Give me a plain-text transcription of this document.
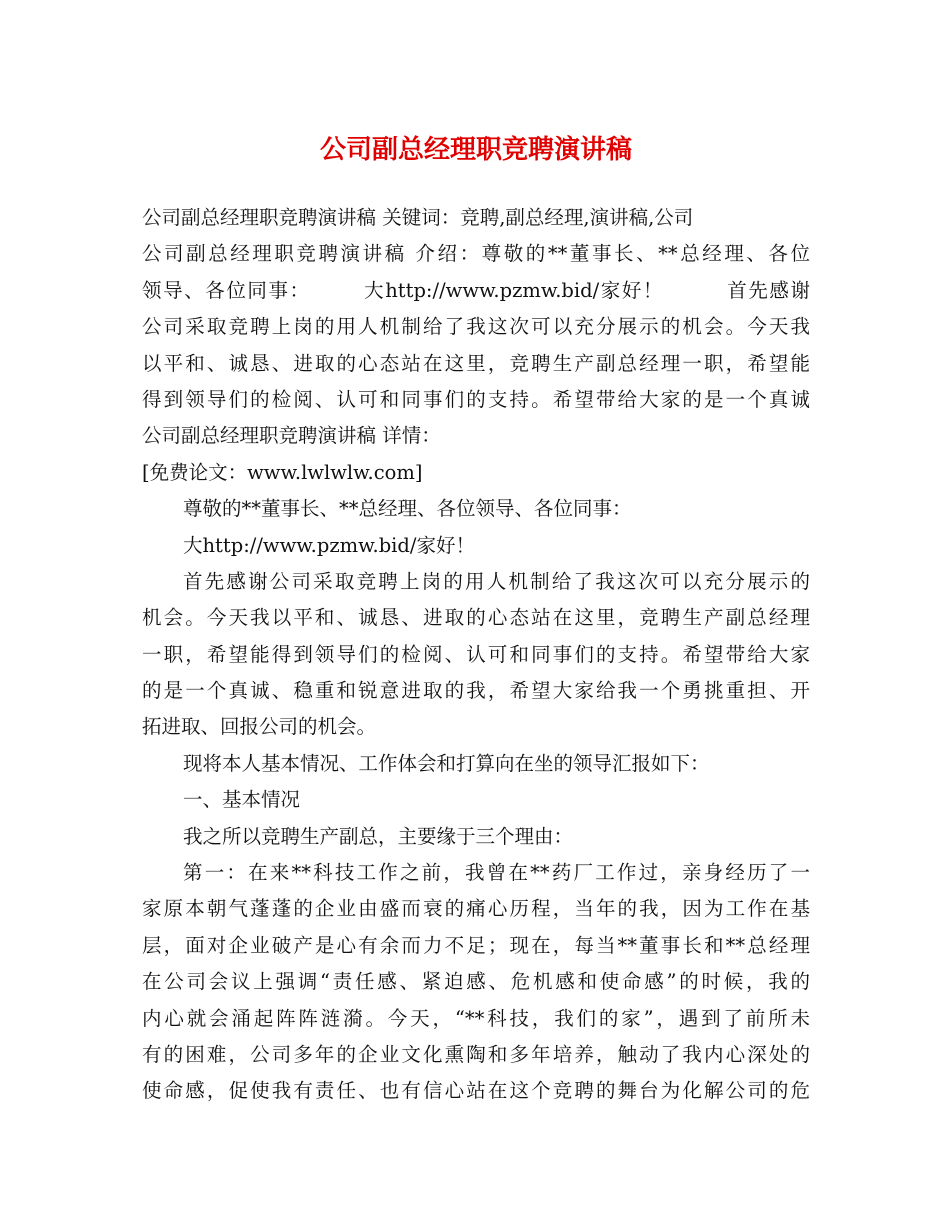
公司副总经理职竞聘演讲稿
公司副总经理职竞聘演讲稿 关键词：竞聘,副总经理,演讲稿,公司
公司副总经理职竞聘演讲稿 介绍：尊敬的**董事长、**总经理、各位
领导、各位同事：　　　大http://www.pzmw.bid/家好！　　　首先感谢
公司采取竞聘上岗的用人机制给了我这次可以充分展示的机会。今天我
以平和、诚恳、进取的心态站在这里，竞聘生产副总经理一职，希望能
得到领导们的检阅、认可和同事们的支持。希望带给大家的是一个真诚
公司副总经理职竞聘演讲稿 详情：
[免费论文：www.lwlwlw.com]
尊敬的**董事长、**总经理、各位领导、各位同事：
大http://www.pzmw.bid/家好！
首先感谢公司采取竞聘上岗的用人机制给了我这次可以充分展示的
机会。今天我以平和、诚恳、进取的心态站在这里，竞聘生产副总经理
一职，希望能得到领导们的检阅、认可和同事们的支持。希望带给大家
的是一个真诚、稳重和锐意进取的我，希望大家给我一个勇挑重担、开
拓进取、回报公司的机会。
现将本人基本情况、工作体会和打算向在坐的领导汇报如下：
一、基本情况
我之所以竞聘生产副总，主要缘于三个理由：
第一：在来**科技工作之前，我曾在**药厂工作过，亲身经历了一
家原本朝气蓬蓬的企业由盛而衰的痛心历程，当年的我，因为工作在基
层，面对企业破产是心有余而力不足；现在，每当**董事长和**总经理
在公司会议上强调“责任感、紧迫感、危机感和使命感”的时候，我的
内心就会涌起阵阵涟漪。今天，“**科技，我们的家”，遇到了前所未
有的困难，公司多年的企业文化熏陶和多年培养，触动了我内心深处的
使命感，促使我有责任、也有信心站在这个竞聘的舞台为化解公司的危
